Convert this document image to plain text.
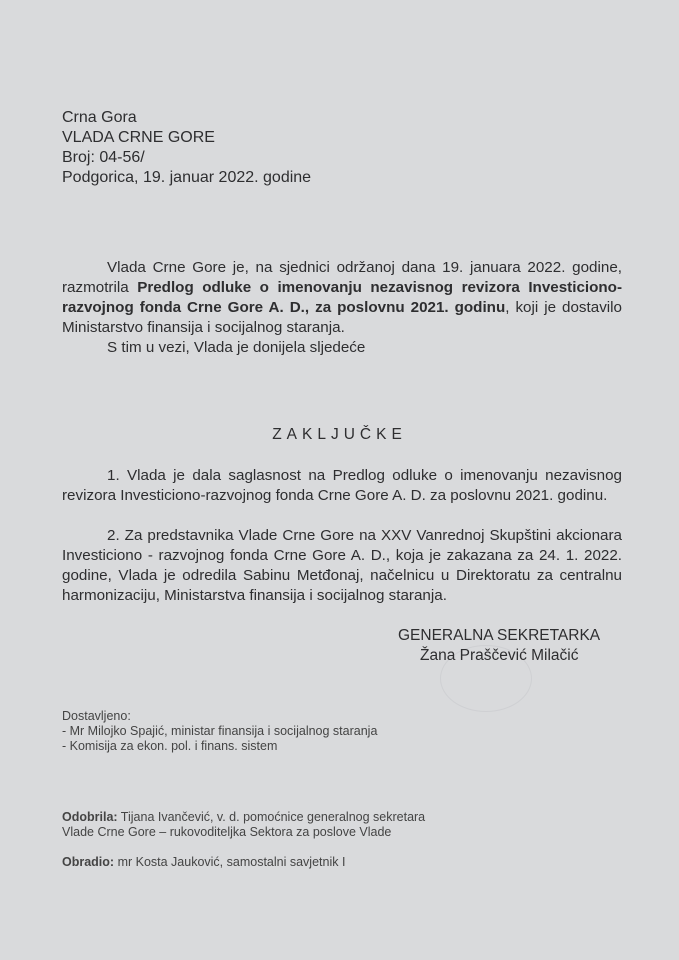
Crna Gora
VLADA CRNE GORE
Broj: 04-56/
Podgorica, 19. januar 2022. godine
Vlada Crne Gore je, na sjednici održanoj dana 19. januara 2022. godine, razmotrila Predlog odluke o imenovanju nezavisnog revizora Investiciono-razvojnog fonda Crne Gore A. D., za poslovnu 2021. godinu, koji je dostavilo Ministarstvo finansija i socijalnog staranja.
S tim u vezi, Vlada je donijela sljedeće
ZAKLJUČKE
1. Vlada je dala saglasnost na Predlog odluke o imenovanju nezavisnog revizora Investiciono-razvojnog fonda Crne Gore A. D. za poslovnu 2021. godinu.
2. Za predstavnika Vlade Crne Gore na XXV Vanrednoj Skupštini akcionara Investiciono - razvojnog fonda Crne Gore A. D., koja je zakazana za 24. 1. 2022. godine, Vlada je odredila Sabinu Metđonaj, načelnicu u Direktoratu za centralnu harmonizaciju, Ministarstva finansija i socijalnog staranja.
GENERALNA SEKRETARKA
Žana Praščević Milačić
Dostavljeno:
- Mr Milojko Spajić, ministar finansija i socijalnog staranja
- Komisija za ekon. pol. i finans. sistem
Odobrila: Tijana Ivančević, v. d. pomoćnice generalnog sekretara
Vlade Crne Gore – rukovoditeljka Sektora za poslove Vlade
Obradio: mr Kosta Jauković, samostalni savjetnik I
